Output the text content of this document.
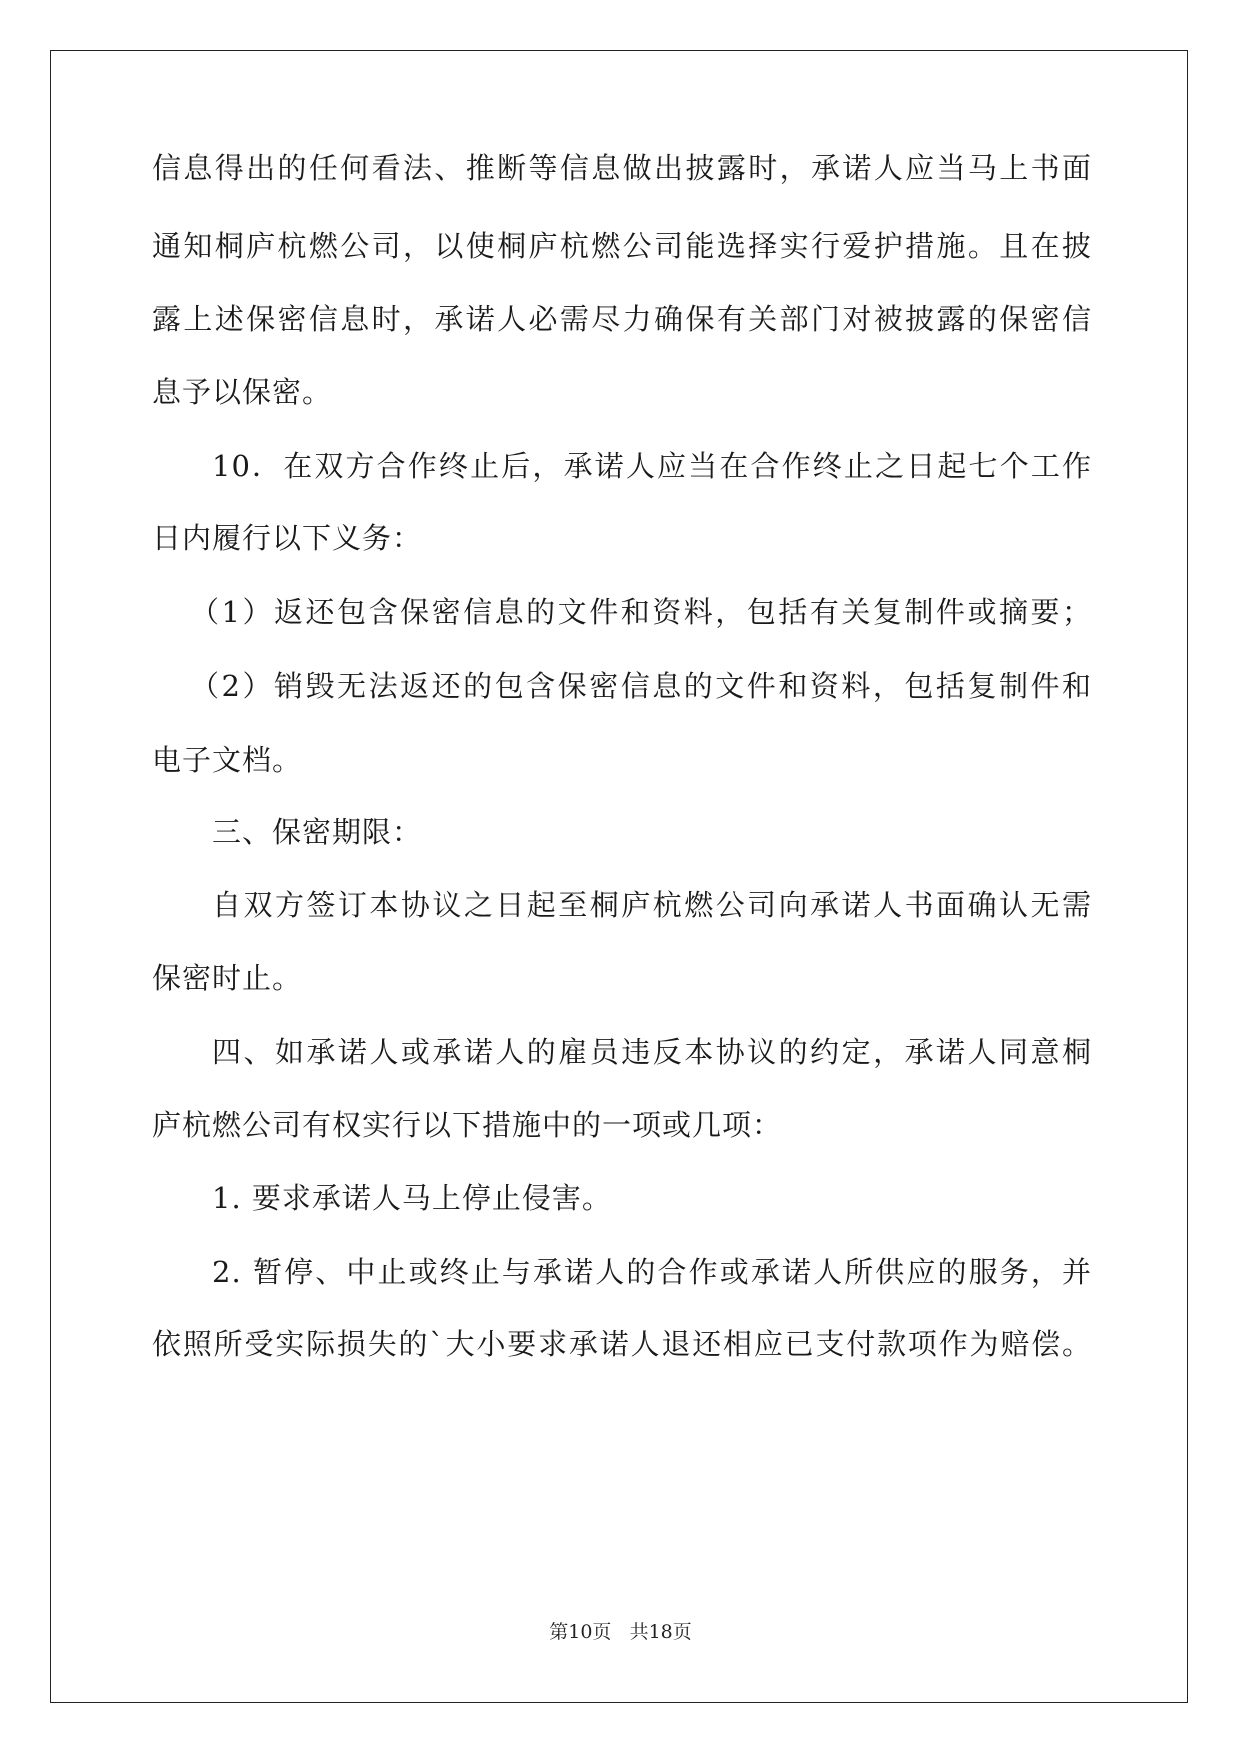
信息得出的任何看法、推断等信息做出披露时，承诺人应当马上书面
通知桐庐杭燃公司，以使桐庐杭燃公司能选择实行爱护措施。且在披
露上述保密信息时，承诺人必需尽力确保有关部门对被披露的保密信
息予以保密。
10．在双方合作终止后，承诺人应当在合作终止之日起七个工作
日内履行以下义务：
（1）返还包含保密信息的文件和资料，包括有关复制件或摘要；
（2）销毁无法返还的包含保密信息的文件和资料，包括复制件和
电子文档。
三、保密期限：
自双方签订本协议之日起至桐庐杭燃公司向承诺人书面确认无需
保密时止。
四、如承诺人或承诺人的雇员违反本协议的约定，承诺人同意桐
庐杭燃公司有权实行以下措施中的一项或几项：
1. 要求承诺人马上停止侵害。
2. 暂停、中止或终止与承诺人的合作或承诺人所供应的服务，并
依照所受实际损失的`大小要求承诺人退还相应已支付款项作为赔偿。
第10页 共18页
